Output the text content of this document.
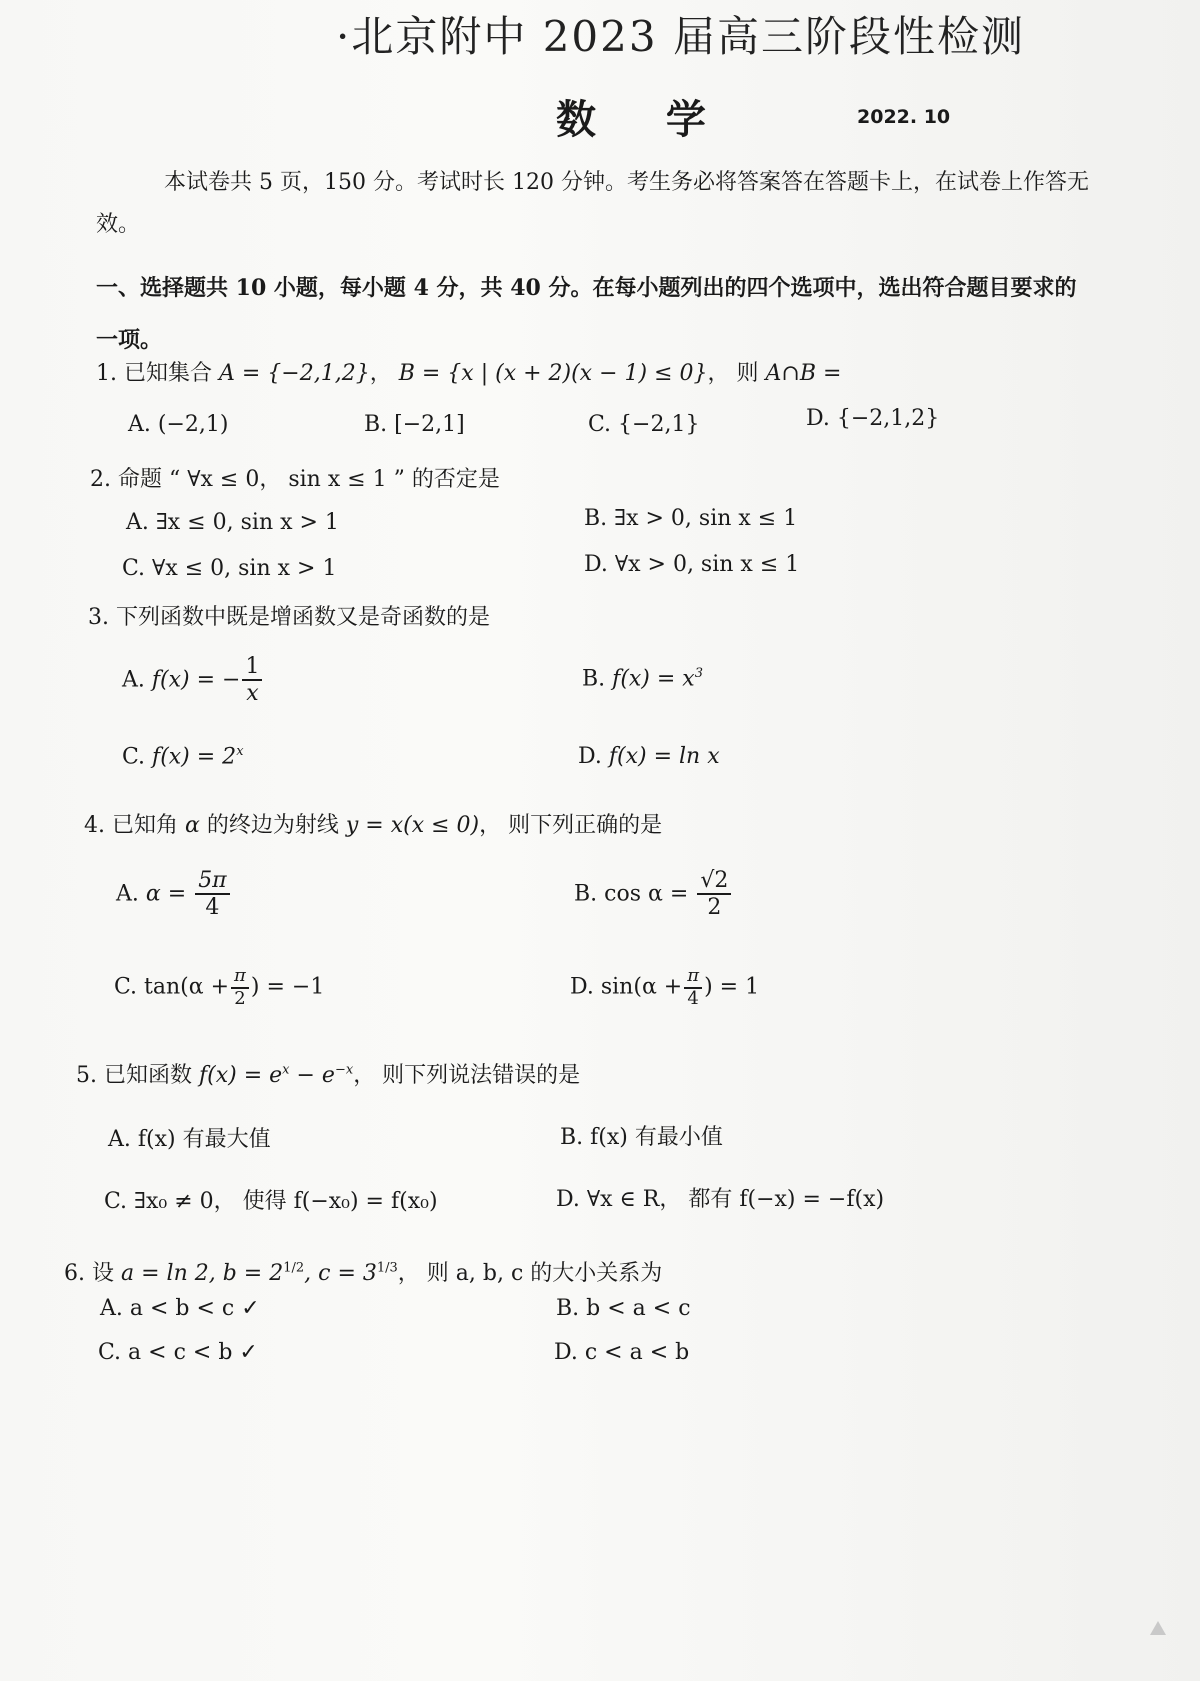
·北京附中 2023 届高三阶段性检测
数 学	2022. 10
本试卷共 5 页，150 分。考试时长 120 分钟。考生务必将答案答在答题卡上，在试卷上作答无效。
一、选择题共 10 小题，每小题 4 分，共 40 分。在每小题列出的四个选项中，选出符合题目要求的一项。
1. 已知集合 A = {−2,1,2}， B = {x | (x + 2)(x − 1) ≤ 0}， 则 A∩B =
A. (−2,1)	B. [−2,1]	C. {−2,1}	D. {−2,1,2}
2. 命题 “ ∀x ≤ 0， sin x ≤ 1 ” 的否定是
A. ∃x ≤ 0, sin x > 1	B. ∃x > 0, sin x ≤ 1
C. ∀x ≤ 0, sin x > 1	D. ∀x > 0, sin x ≤ 1
3. 下列函数中既是增函数又是奇函数的是
A. f(x) = − $\frac{1}{x}$	B. $f(x) = x^3$
C. $f(x) = 2^x$	D. f(x) = ln x
4. 已知角 α 的终边为射线 y = x(x ≤ 0)， 则下列正确的是
A. $\alpha = \frac{5\pi}{4}$	B. $\cos \alpha = \frac{√2}{2}$
C. $\tan(\alpha + \frac{\pi}{2}$ ) = −1	D. $\sin(\alpha + \frac{\pi}{4}$ ) = 1
5. 已知函数 $f(x) = e^x - e^{-x}$， 则下列说法错误的是
A. f(x) 有最大值	B. f(x) 有最小值
C. ∃x₀ ≠ 0， 使得 f(−x₀) = f(x₀)	D. ∀x ∈ R， 都有 f(−x) = −f(x)
6. 设 a = ln 2, $b = 2^{1/2}$, $c = 3^{1/3}$， 则 a, b, c 的大小关系为
A. a < b < c ✓	B. b < a < c
C. a < c < b ✓	D. c < a < b
